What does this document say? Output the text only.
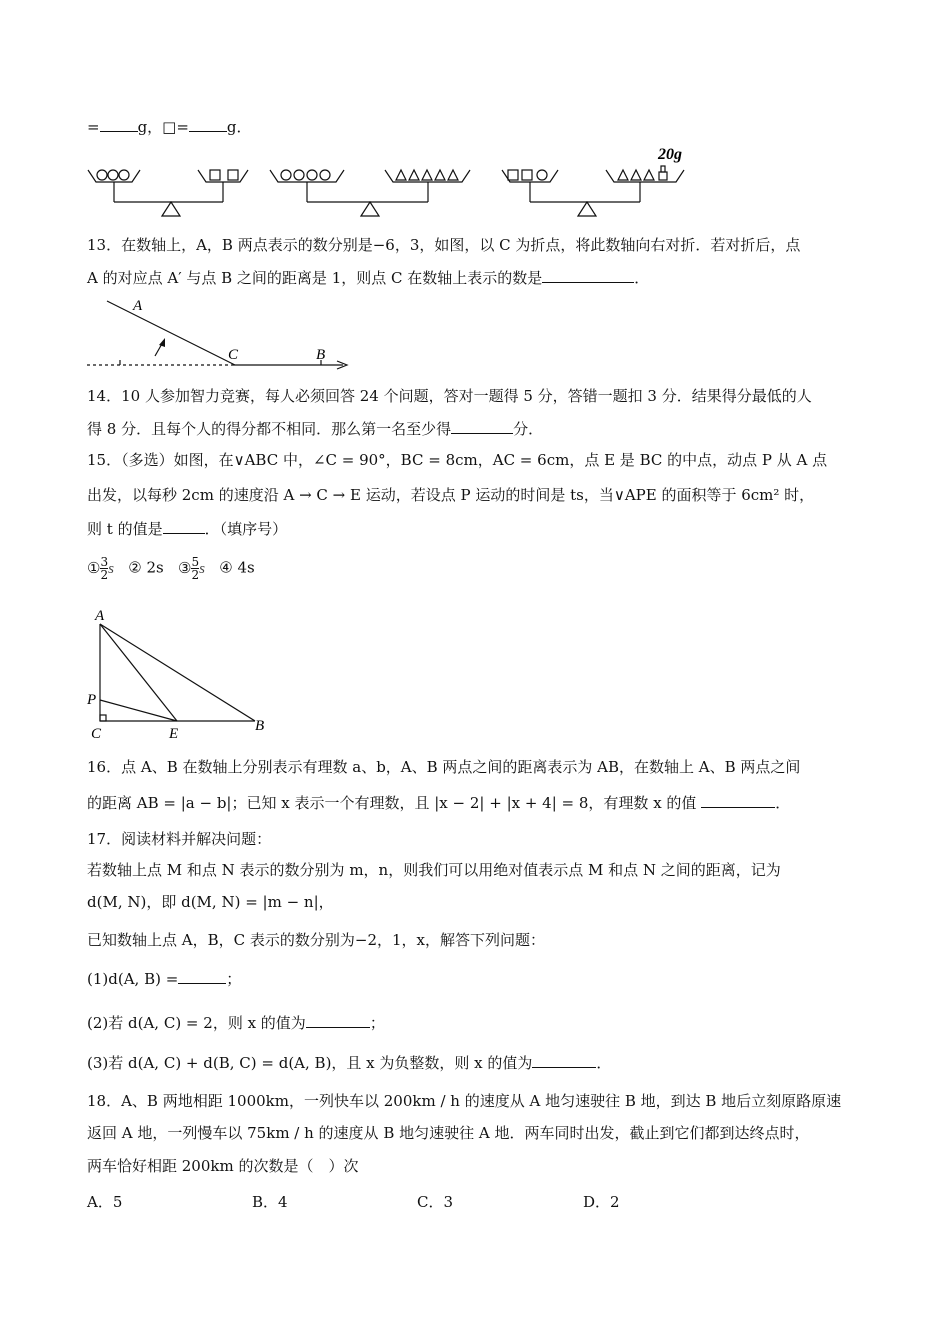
=	g，□=	g．
20g
13．在数轴上，A，B 两点表示的数分别是−6，3，如图，以 C 为折点，将此数轴向右对折．若对折后，点
A 的对应点 A′ 与点 B 之间的距离是 1，则点 C 在数轴上表示的数是	．
A
C	B
14．10 人参加智力竞赛，每人必须回答 24 个问题，答对一题得 5 分，答错一题扣 3 分．结果得分最低的人
得 8 分．且每个人的得分都不相同．那么第一名至少得	分．
15．（多选）如图，在∨ABC 中，∠C = 90°，BC = 8cm，AC = 6cm，点 E 是 BC 的中点，动点 P 从 A 点
出发，以每秒 2cm 的速度沿 A → C → E 运动，若设点 P 运动的时间是 ts，当∨APE 的面积等于 6cm² 时，
则 t 的值是	．（填序号）
① $\frac{3}{2}$ s ② 2s ③ $\frac{5}{2}$ s ④ 4s
A
P
C	E	B
16．点 A、B 在数轴上分别表示有理数 a、b，A、B 两点之间的距离表示为 AB，在数轴上 A、B 两点之间
的距离 AB = |a − b|；已知 x 表示一个有理数，且 |x − 2| + |x + 4| = 8，有理数 x 的值	．
17．阅读材料并解决问题：
若数轴上点 M 和点 N 表示的数分别为 m，n，则我们可以用绝对值表示点 M 和点 N 之间的距离，记为
d(M, N)，即 d(M, N) = |m − n|，
已知数轴上点 A，B，C 表示的数分别为−2，1，x，解答下列问题：
(1)d(A, B) =	；
(2)若 d(A, C) = 2，则 x 的值为	；
(3)若 d(A, C) + d(B, C) = d(A, B)，且 x 为负整数，则 x 的值为	．
18．A、B 两地相距 1000km，一列快车以 200km / h 的速度从 A 地匀速驶往 B 地，到达 B 地后立刻原路原速
返回 A 地，一列慢车以 75km / h 的速度从 B 地匀速驶往 A 地．两车同时出发，截止到它们都到达终点时，
两车恰好相距 200km 的次数是（　）次
A．5	B．4	C．3	D．2
